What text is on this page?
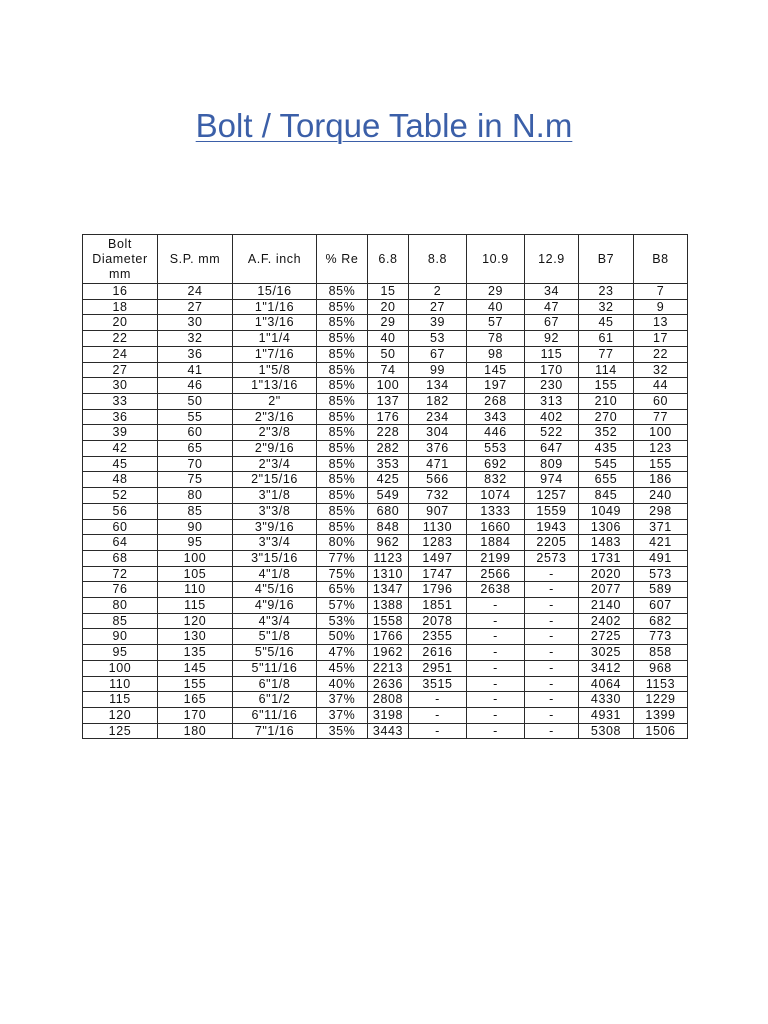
Bolt / Torque Table in N.m
Bolt Diameter mm	S.P. mm	A.F. inch	% Re	6.8	8.8	10.9	12.9	B7	B8
16	24	15/16	85%	15	2	29	34	23	7
18	27	1"1/16	85%	20	27	40	47	32	9
20	30	1"3/16	85%	29	39	57	67	45	13
22	32	1"1/4	85%	40	53	78	92	61	17
24	36	1"7/16	85%	50	67	98	115	77	22
27	41	1"5/8	85%	74	99	145	170	114	32
30	46	1"13/16	85%	100	134	197	230	155	44
33	50	2"	85%	137	182	268	313	210	60
36	55	2"3/16	85%	176	234	343	402	270	77
39	60	2"3/8	85%	228	304	446	522	352	100
42	65	2"9/16	85%	282	376	553	647	435	123
45	70	2"3/4	85%	353	471	692	809	545	155
48	75	2"15/16	85%	425	566	832	974	655	186
52	80	3"1/8	85%	549	732	1074	1257	845	240
56	85	3"3/8	85%	680	907	1333	1559	1049	298
60	90	3"9/16	85%	848	1130	1660	1943	1306	371
64	95	3"3/4	80%	962	1283	1884	2205	1483	421
68	100	3"15/16	77%	1123	1497	2199	2573	1731	491
72	105	4"1/8	75%	1310	1747	2566	-	2020	573
76	110	4"5/16	65%	1347	1796	2638	-	2077	589
80	115	4"9/16	57%	1388	1851	-	-	2140	607
85	120	4"3/4	53%	1558	2078	-	-	2402	682
90	130	5"1/8	50%	1766	2355	-	-	2725	773
95	135	5"5/16	47%	1962	2616	-	-	3025	858
100	145	5"11/16	45%	2213	2951	-	-	3412	968
110	155	6"1/8	40%	2636	3515	-	-	4064	1153
115	165	6"1/2	37%	2808	-	-	-	4330	1229
120	170	6"11/16	37%	3198	-	-	-	4931	1399
125	180	7"1/16	35%	3443	-	-	-	5308	1506
